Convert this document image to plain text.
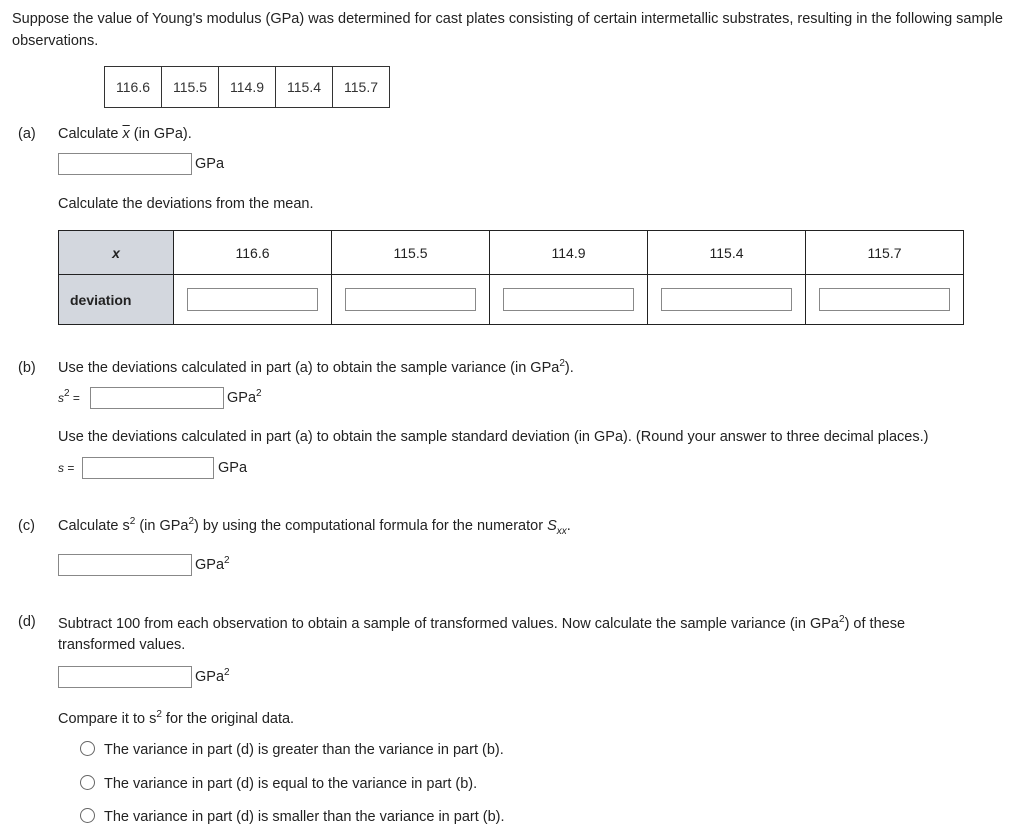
Suppose the value of Young's modulus (GPa) was determined for cast plates consisting of certain intermetallic substrates, resulting in the following sample observations.
116.6	115.5	114.9	115.4	115.7
(a) Calculate $\overline{x}$ (in GPa).
GPa
Calculate the deviations from the mean.
x	116.6	115.5	114.9	115.4	115.7
deviation					
(b) Use the deviations calculated in part (a) to obtain the sample variance (in GPa$^2$).
$s^2$ =	GPa$^2$
Use the deviations calculated in part (a) to obtain the sample standard deviation (in GPa). (Round your answer to three decimal places.)
s =	GPa
(c) Calculate $s^2$ (in GPa$^2$) by using the computational formula for the numerator $S_{xx}$.
GPa$^2$
(d) Subtract 100 from each observation to obtain a sample of transformed values. Now calculate the sample variance (in GPa$^2$) of these
transformed values.
GPa$^2$
Compare it to $s^2$ for the original data.
The variance in part (d) is greater than the variance in part (b).
The variance in part (d) is equal to the variance in part (b).
The variance in part (d) is smaller than the variance in part (b).
